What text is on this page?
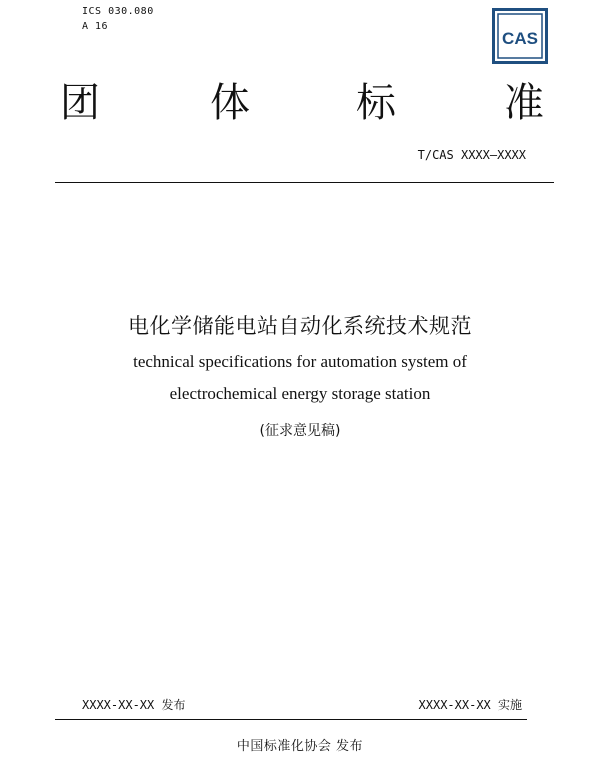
ICS 030.080
A 16
CAS
团	体	标	准
T/CAS XXXX—XXXX
电化学储能电站自动化系统技术规范
technical specifications for automation system of
electrochemical energy storage station
(征求意见稿)
XXXX-XX-XX 发布	XXXX-XX-XX 实施
中国标准化协会 发布
